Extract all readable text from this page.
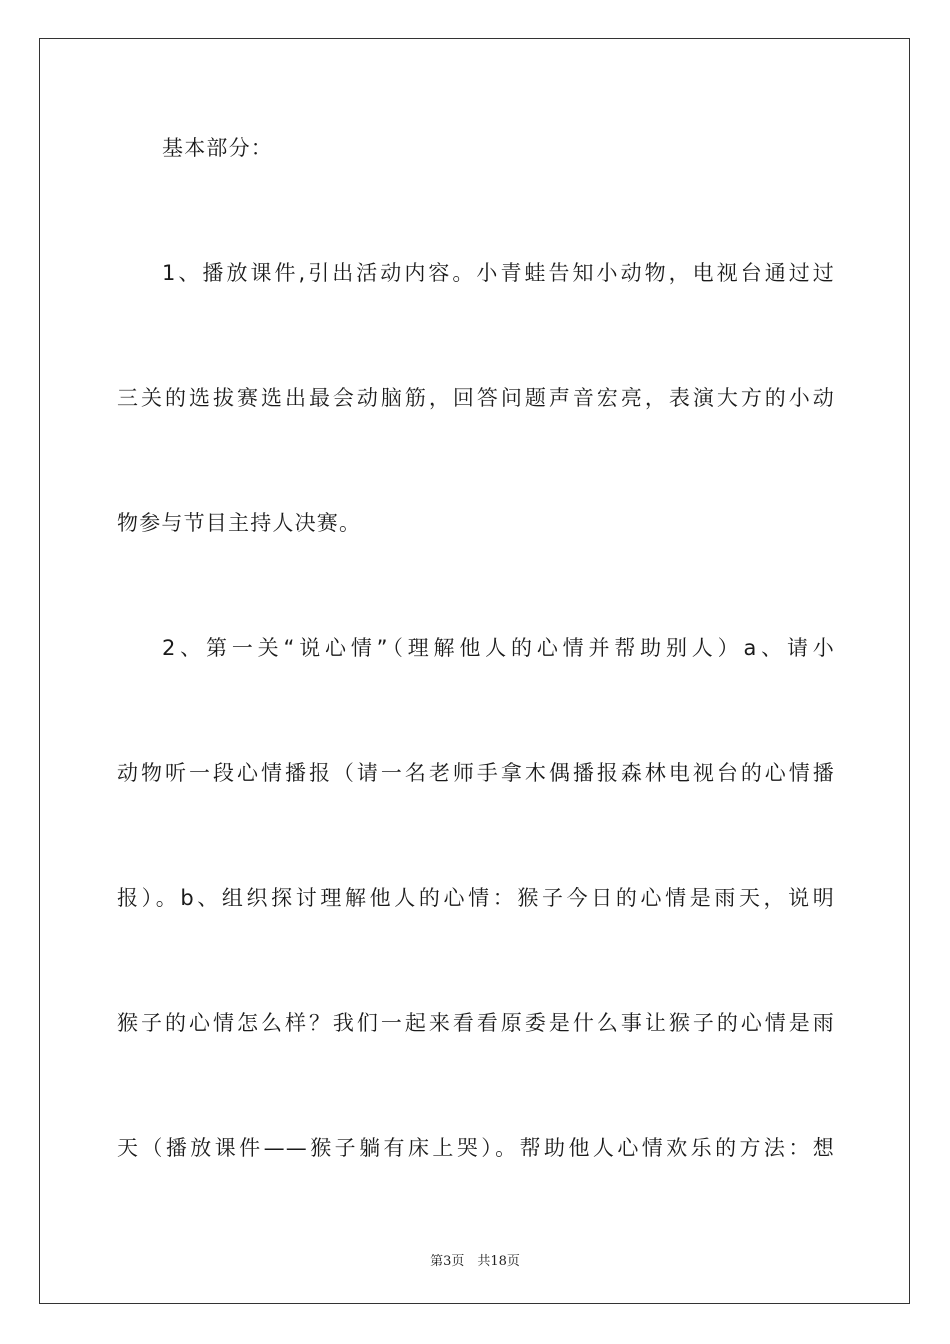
基本部分：
1、播放课件,引出活动内容。小青蛙告知小动物，电视台通过过
三关的选拔赛选出最会动脑筋，回答问题声音宏亮，表演大方的小动
物参与节目主持人决赛。
2、第一关“说心情”（理解他人的心情并帮助别人）a、请小
动物听一段心情播报（请一名老师手拿木偶播报森林电视台的心情播
报）。b、组织探讨理解他人的心情：猴子今日的心情是雨天，说明
猴子的心情怎么样？我们一起来看看原委是什么事让猴子的心情是雨
天（播放课件——猴子躺有床上哭）。帮助他人心情欢乐的方法：想
第3页　共18页
